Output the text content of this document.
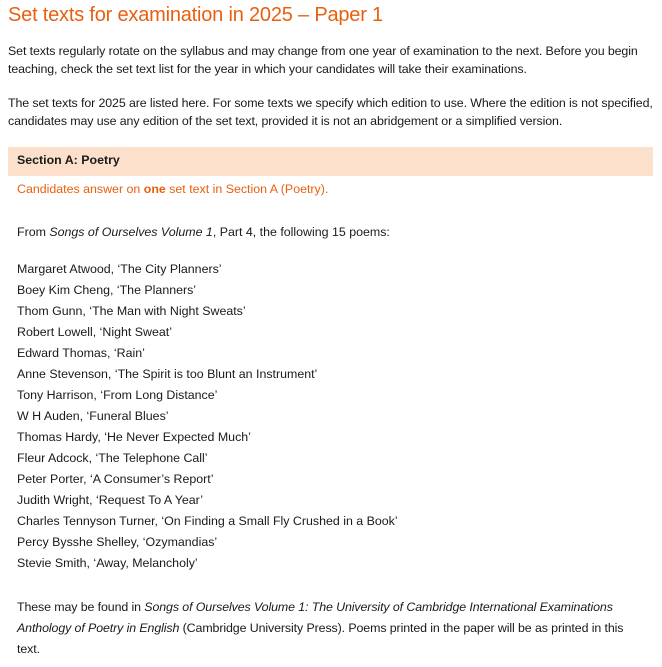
Set texts for examination in 2025 – Paper 1
Set texts regularly rotate on the syllabus and may change from one year of examination to the next. Before you begin teaching, check the set text list for the year in which your candidates will take their examinations.
The set texts for 2025 are listed here. For some texts we specify which edition to use. Where the edition is not specified, candidates may use any edition of the set text, provided it is not an abridgement or a simplified version.
Section A: Poetry
Candidates answer on one set text in Section A (Poetry).
From Songs of Ourselves Volume 1, Part 4, the following 15 poems:
Margaret Atwood, ‘The City Planners’
Boey Kim Cheng, ‘The Planners’
Thom Gunn, ‘The Man with Night Sweats’
Robert Lowell, ‘Night Sweat’
Edward Thomas, ‘Rain’
Anne Stevenson, ‘The Spirit is too Blunt an Instrument’
Tony Harrison, ‘From Long Distance’
W H Auden, ‘Funeral Blues’
Thomas Hardy, ‘He Never Expected Much’
Fleur Adcock, ‘The Telephone Call’
Peter Porter, ‘A Consumer’s Report’
Judith Wright, ‘Request To A Year’
Charles Tennyson Turner, ‘On Finding a Small Fly Crushed in a Book’
Percy Bysshe Shelley, ‘Ozymandias’
Stevie Smith, ‘Away, Melancholy’
These may be found in Songs of Ourselves Volume 1: The University of Cambridge International Examinations Anthology of Poetry in English (Cambridge University Press). Poems printed in the paper will be as printed in this text.
